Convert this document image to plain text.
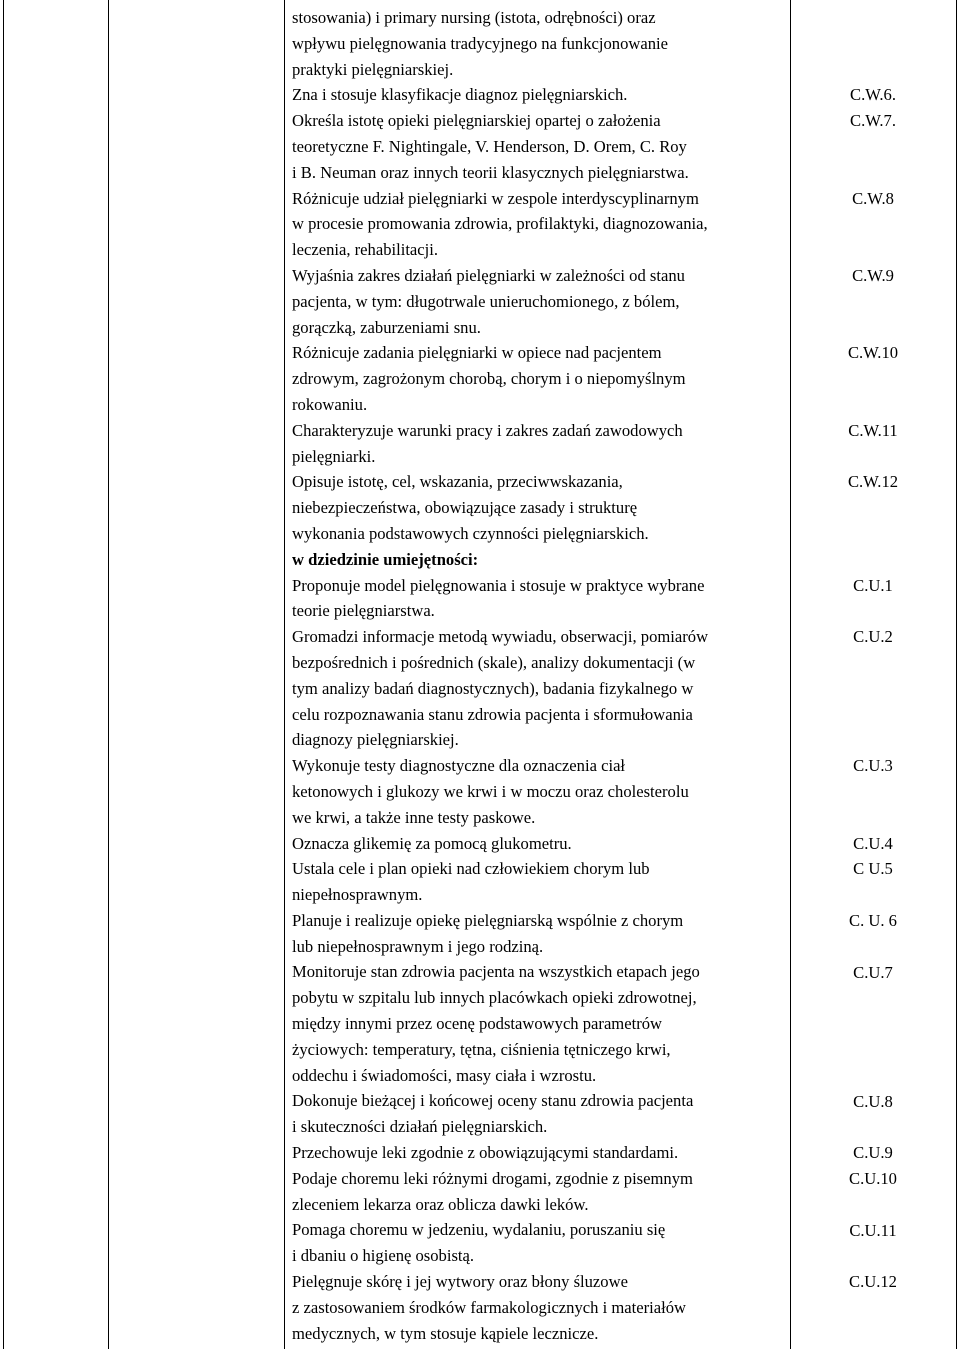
stosowania) i primary nursing (istota, odrębności) oraz
wpływu pielęgnowania tradycyjnego na funkcjonowanie
praktyki pielęgniarskiej.
Zna i stosuje klasyfikacje diagnoz pielęgniarskich.
Określa istotę opieki pielęgniarskiej opartej o założenia
teoretyczne F. Nightingale, V. Henderson, D. Orem, C. Roy
i B. Neuman oraz innych teorii klasycznych pielęgniarstwa.
Różnicuje udział pielęgniarki w zespole interdyscyplinarnym
w procesie promowania zdrowia, profilaktyki, diagnozowania,
leczenia, rehabilitacji.
Wyjaśnia zakres działań pielęgniarki w zależności od stanu
pacjenta, w tym: długotrwale unieruchomionego, z bólem,
gorączką, zaburzeniami snu.
Różnicuje zadania pielęgniarki w opiece nad pacjentem
zdrowym, zagrożonym chorobą, chorym i o niepomyślnym
rokowaniu.
Charakteryzuje warunki pracy i zakres zadań zawodowych
pielęgniarki.
Opisuje istotę, cel, wskazania, przeciwwskazania,
niebezpieczeństwa, obowiązujące zasady i strukturę
wykonania podstawowych czynności pielęgniarskich.
w dziedzinie umiejętności:
Proponuje model pielęgnowania i stosuje w praktyce wybrane
teorie pielęgniarstwa.
Gromadzi informacje metodą wywiadu, obserwacji, pomiarów
bezpośrednich i pośrednich (skale), analizy dokumentacji (w
tym analizy badań diagnostycznych), badania fizykalnego w
celu rozpoznawania stanu zdrowia pacjenta i sformułowania
diagnozy pielęgniarskiej.
Wykonuje testy diagnostyczne dla oznaczenia ciał
ketonowych i glukozy we krwi i w moczu oraz cholesterolu
we krwi, a także inne testy paskowe.
Oznacza glikemię za pomocą glukometru.
Ustala cele i plan opieki nad człowiekiem chorym lub
niepełnosprawnym.
Planuje i realizuje opiekę pielęgniarską wspólnie z chorym
lub niepełnosprawnym i jego rodziną.
Monitoruje stan zdrowia pacjenta na wszystkich etapach jego
pobytu w szpitalu lub innych placówkach opieki zdrowotnej,
między innymi przez ocenę podstawowych parametrów
życiowych: temperatury, tętna, ciśnienia tętniczego krwi,
oddechu i świadomości, masy ciała i wzrostu.
Dokonuje bieżącej i końcowej oceny stanu zdrowia pacjenta
i skuteczności działań pielęgniarskich.
Przechowuje leki zgodnie z obowiązującymi standardami.
Podaje choremu leki różnymi drogami, zgodnie z pisemnym
zleceniem lekarza oraz oblicza dawki leków.
Pomaga choremu w jedzeniu, wydalaniu, poruszaniu się
i dbaniu o higienę osobistą.
Pielęgnuje skórę i jej wytwory oraz błony śluzowe
z zastosowaniem środków farmakologicznych i materiałów
medycznych, w tym stosuje kąpiele lecznicze.
C.W.6.
C.W.7.
C.W.8
C.W.9
C.W.10
C.W.11
C.W.12
C.U.1
C.U.2
C.U.3
C.U.4
C U.5
C. U. 6
C.U.7
C.U.8
C.U.9
C.U.10
C.U.11
C.U.12
